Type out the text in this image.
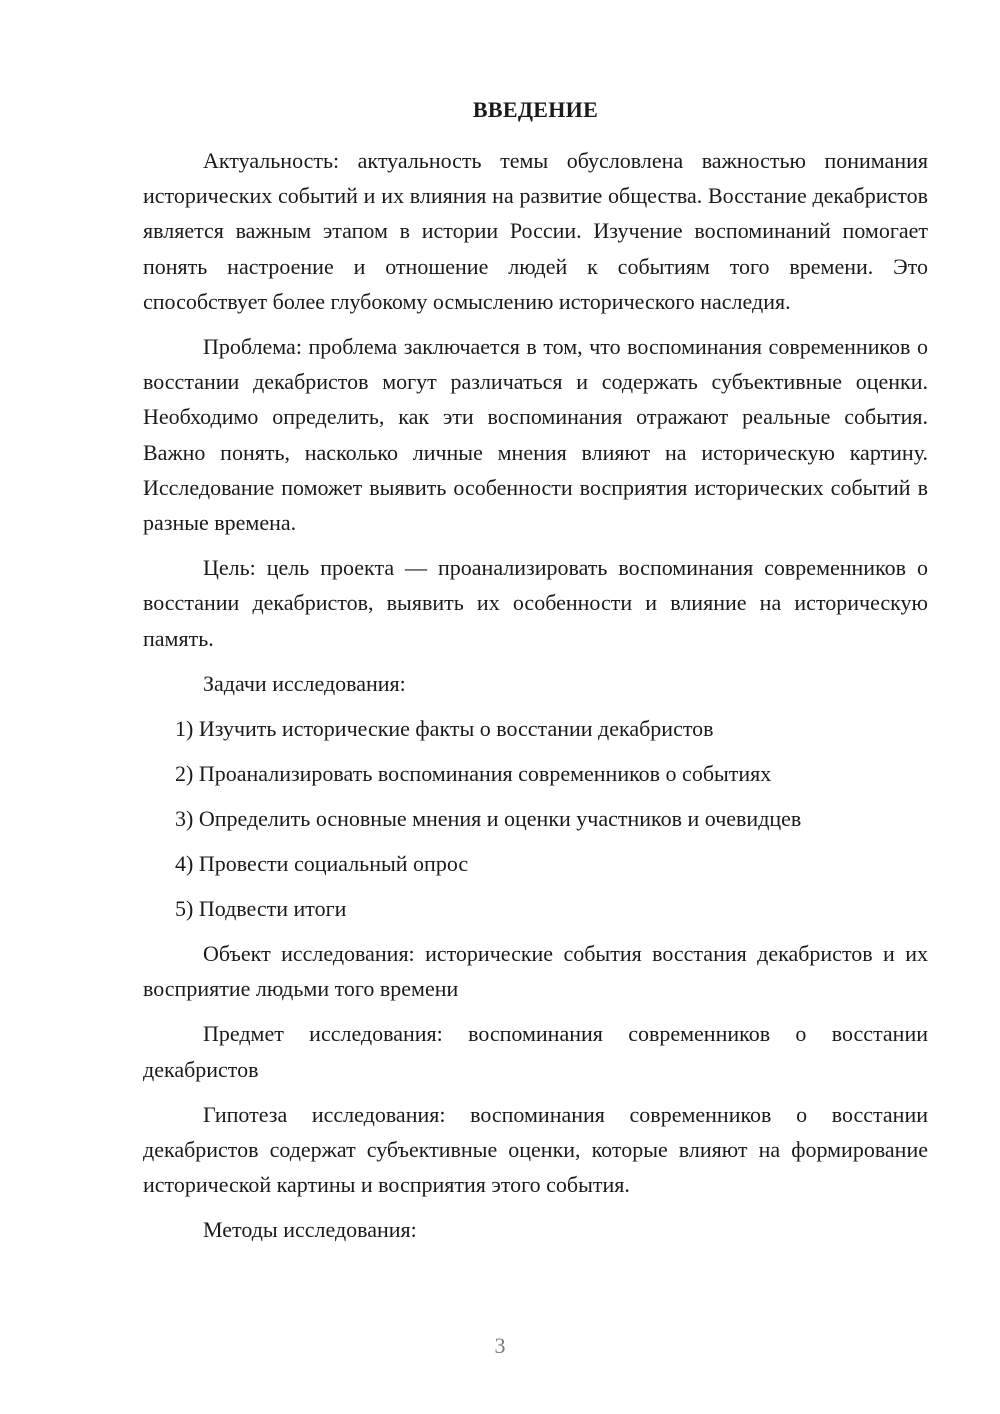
ВВЕДЕНИЕ

Актуальность: актуальность темы обусловлена важностью понимания исторических событий и их влияния на развитие общества. Восстание декабристов является важным этапом в истории России. Изучение воспоминаний помогает понять настроение и отношение людей к событиям того времени. Это способствует более глубокому осмыслению исторического наследия.

Проблема: проблема заключается в том, что воспоминания современников о восстании декабристов могут различаться и содержать субъективные оценки. Необходимо определить, как эти воспоминания отражают реальные события. Важно понять, насколько личные мнения влияют на историческую картину. Исследование поможет выявить особенности восприятия исторических событий в разные времена.

Цель: цель проекта — проанализировать воспоминания современников о восстании декабристов, выявить их особенности и влияние на историческую память.

Задачи исследования:

1) Изучить исторические факты о восстании декабристов
2) Проанализировать воспоминания современников о событиях
3) Определить основные мнения и оценки участников и очевидцев
4) Провести социальный опрос
5) Подвести итоги

Объект исследования: исторические события восстания декабристов и их восприятие людьми того времени

Предмет исследования: воспоминания современников о восстании декабристов

Гипотеза исследования: воспоминания современников о восстании декабристов содержат субъективные оценки, которые влияют на формирование исторической картины и восприятия этого события.

Методы исследования:

3
